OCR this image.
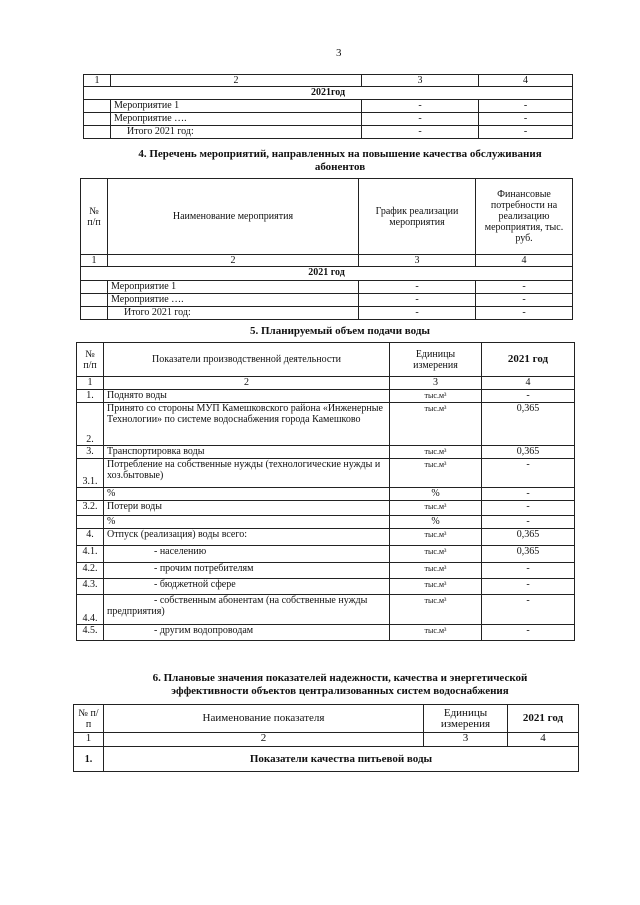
3
1	2	3	4
2021год			
	Мероприятие 1	-	-
	Мероприятие ….	-	-
	Итого 2021 год:	-	-
4. Перечень мероприятий, направленных на повышение качества обслуживания
абонентов
№ п/п	Наименование мероприятия	График реализации мероприятия	Финансовые потребности на реализацию мероприятия, тыс. руб.
1	2	3	4
2021 год			
	Мероприятие 1	-	-
	Мероприятие ….	-	-
	Итого 2021 год:	-	-
5. Планируемый объем подачи воды
№ п/п	Показатели производственной деятельности	Единицы измерения	2021 год
1	2	3	4
1.	Поднято воды	тыс.м³	-
2.	Принято со стороны МУП Камешковского района «Инженерные Технологии» по системе водоснабжения города Камешково	тыс.м³	0,365
3.	Транспортировка воды	тыс.м³	0,365
3.1.	Потребление на собственные нужды (технологические нужды и хоз.бытовые)	тыс.м³	-
	%	%	-
3.2.	Потери воды	тыс.м³	-
	%	%	-
4.	Отпуск (реализация) воды всего:	тыс.м³	0,365
4.1.	- населению	тыс.м³	0,365
4.2.	- прочим потребителям	тыс.м³	-
4.3.	- бюджетной сфере	тыс.м³	-
4.4.	- собственным абонентам (на собственные нужды предприятия)	тыс.м³	-
4.5.	- другим водопроводам	тыс.м³	-
6. Плановые значения показателей надежности, качества и энергетической
эффективности объектов централизованных систем водоснабжения
№ п/п	Наименование показателя	Единицы измерения	2021 год
1	2	3	4
1.	Показатели качества питьевой воды		
